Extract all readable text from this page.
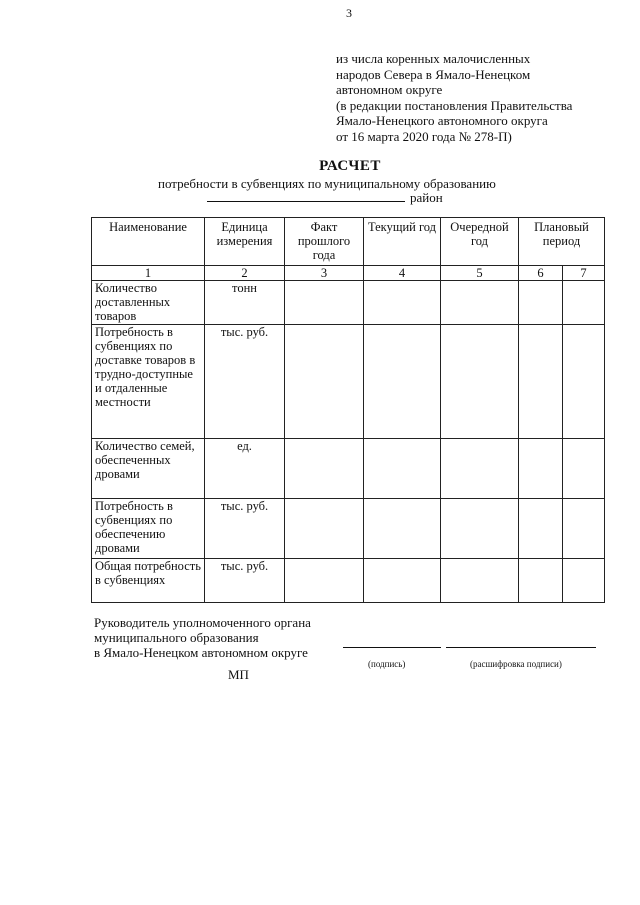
3
из числа коренных малочисленных
народов Севера в Ямало-Ненецком
автономном округе
(в редакции постановления Правительства
Ямало-Ненецкого автономного округа
от 16 марта 2020 года № 278-П)
РАСЧЕТ
потребности в субвенциях по муниципальному образованию
район
Наименование	Единица измерения	Факт прошлого года	Текущий год	Очередной год	Плановый период	
1	2	3	4	5	6	7
Количество доставленных товаров	тонн					
Потребность в субвенциях по доставке товаров в трудно-доступные и отдаленные местности	тыс. руб.					
Количество семей, обеспеченных дровами	ед.					
Потребность в субвенциях по обеспечению дровами	тыс. руб.					
Общая потребность в субвенциях	тыс. руб.					
Руководитель уполномоченного органа
муниципального образования
в Ямало-Ненецком автономном округе
(подпись)	(расшифровка подписи)
МП
